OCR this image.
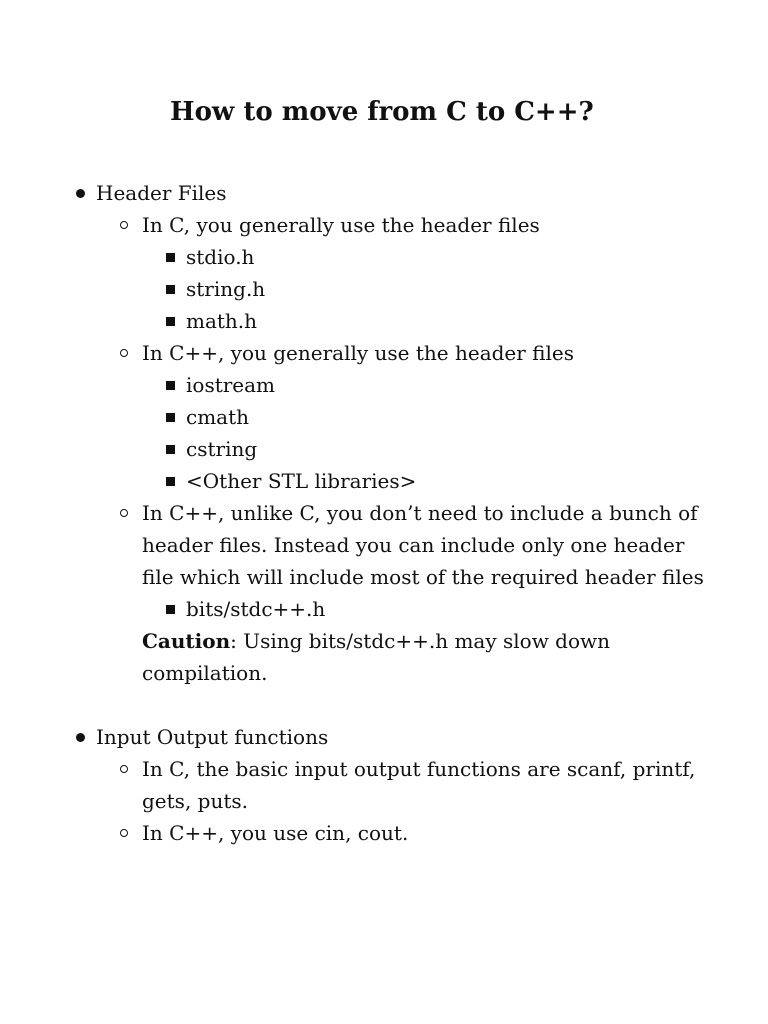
How to move from C to C++?
Header Files
In C, you generally use the header files
stdio.h
string.h
math.h
In C++, you generally use the header files
iostream
cmath
cstring
<Other STL libraries>
In C++, unlike C, you don’t need to include a bunch of
header files. Instead you can include only one header
file which will include most of the required header files
bits/stdc++.h
Caution: Using bits/stdc++.h may slow down
compilation.
Input Output functions
In C, the basic input output functions are scanf, printf,
gets, puts.
In C++, you use cin, cout.
